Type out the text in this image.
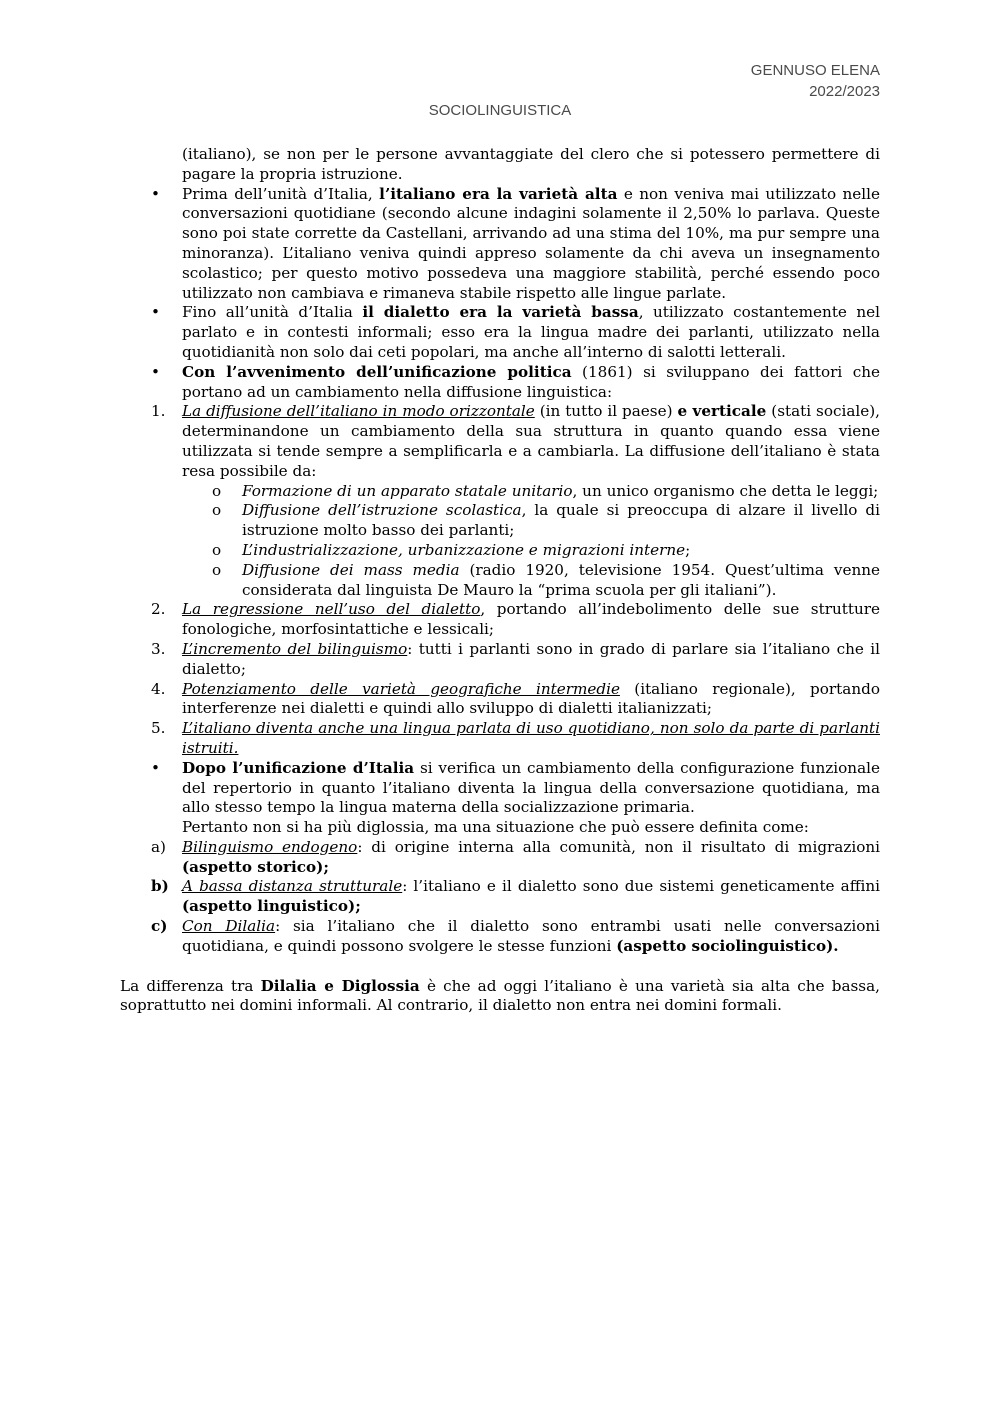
GENNUSO ELENA
2022/2023
SOCIOLINGUISTICA
(italiano), se non per le persone avvantaggiate del clero che si potessero permettere di pagare la propria istruzione.
•	Prima dell’unità d’Italia, l’italiano era la varietà alta e non veniva mai utilizzato nelle conversazioni quotidiane (secondo alcune indagini solamente il 2,50% lo parlava. Queste sono poi state corrette da Castellani, arrivando ad una stima del 10%, ma pur sempre una minoranza). L’italiano veniva quindi appreso solamente da chi aveva un insegnamento scolastico; per questo motivo possedeva una maggiore stabilità, perché essendo poco utilizzato non cambiava e rimaneva stabile rispetto alle lingue parlate.
•	Fino all’unità d’Italia il dialetto era la varietà bassa, utilizzato costantemente nel parlato e in contesti informali; esso era la lingua madre dei parlanti, utilizzato nella quotidianità non solo dai ceti popolari, ma anche all’interno di salotti letterali.
•	Con l’avvenimento dell’unificazione politica (1861) si sviluppano dei fattori che portano ad un cambiamento nella diffusione linguistica:
1.	La diffusione dell’italiano in modo orizzontale (in tutto il paese) e verticale (stati sociale), determinandone un cambiamento della sua struttura in quanto quando essa viene utilizzata si tende sempre a semplificarla e a cambiarla. La diffusione dell’italiano è stata resa possibile da:
o	Formazione di un apparato statale unitario, un unico organismo che detta le leggi;
o	Diffusione dell’istruzione scolastica, la quale si preoccupa di alzare il livello di istruzione molto basso dei parlanti;
o	L’industrializzazione, urbanizzazione e migrazioni interne;
o	Diffusione dei mass media (radio 1920, televisione 1954. Quest’ultima venne considerata dal linguista De Mauro la “prima scuola per gli italiani”).
2.	La regressione nell’uso del dialetto, portando all’indebolimento delle sue strutture fonologiche, morfosintattiche e lessicali;
3.	L’incremento del bilinguismo: tutti i parlanti sono in grado di parlare sia l’italiano che il dialetto;
4.	Potenziamento delle varietà geografiche intermedie (italiano regionale), portando interferenze nei dialetti e quindi allo sviluppo di dialetti italianizzati;
5.	L’italiano diventa anche una lingua parlata di uso quotidiano, non solo da parte di parlanti istruiti.
•	Dopo l’unificazione d’Italia si verifica un cambiamento della configurazione funzionale del repertorio in quanto l’italiano diventa la lingua della conversazione quotidiana, ma allo stesso tempo la lingua materna della socializzazione primaria.
Pertanto non si ha più diglossia, ma una situazione che può essere definita come:
a)	Bilinguismo endogeno: di origine interna alla comunità, non il risultato di migrazioni (aspetto storico);
b) A bassa distanza strutturale: l’italiano e il dialetto sono due sistemi geneticamente affini (aspetto linguistico);
c) Con Dilalia: sia l’italiano che il dialetto sono entrambi usati nelle conversazioni quotidiana, e quindi possono svolgere le stesse funzioni (aspetto sociolinguistico).
La differenza tra Dilalia e Diglossia è che ad oggi l’italiano è una varietà sia alta che bassa, soprattutto nei domini informali. Al contrario, il dialetto non entra nei domini formali.
